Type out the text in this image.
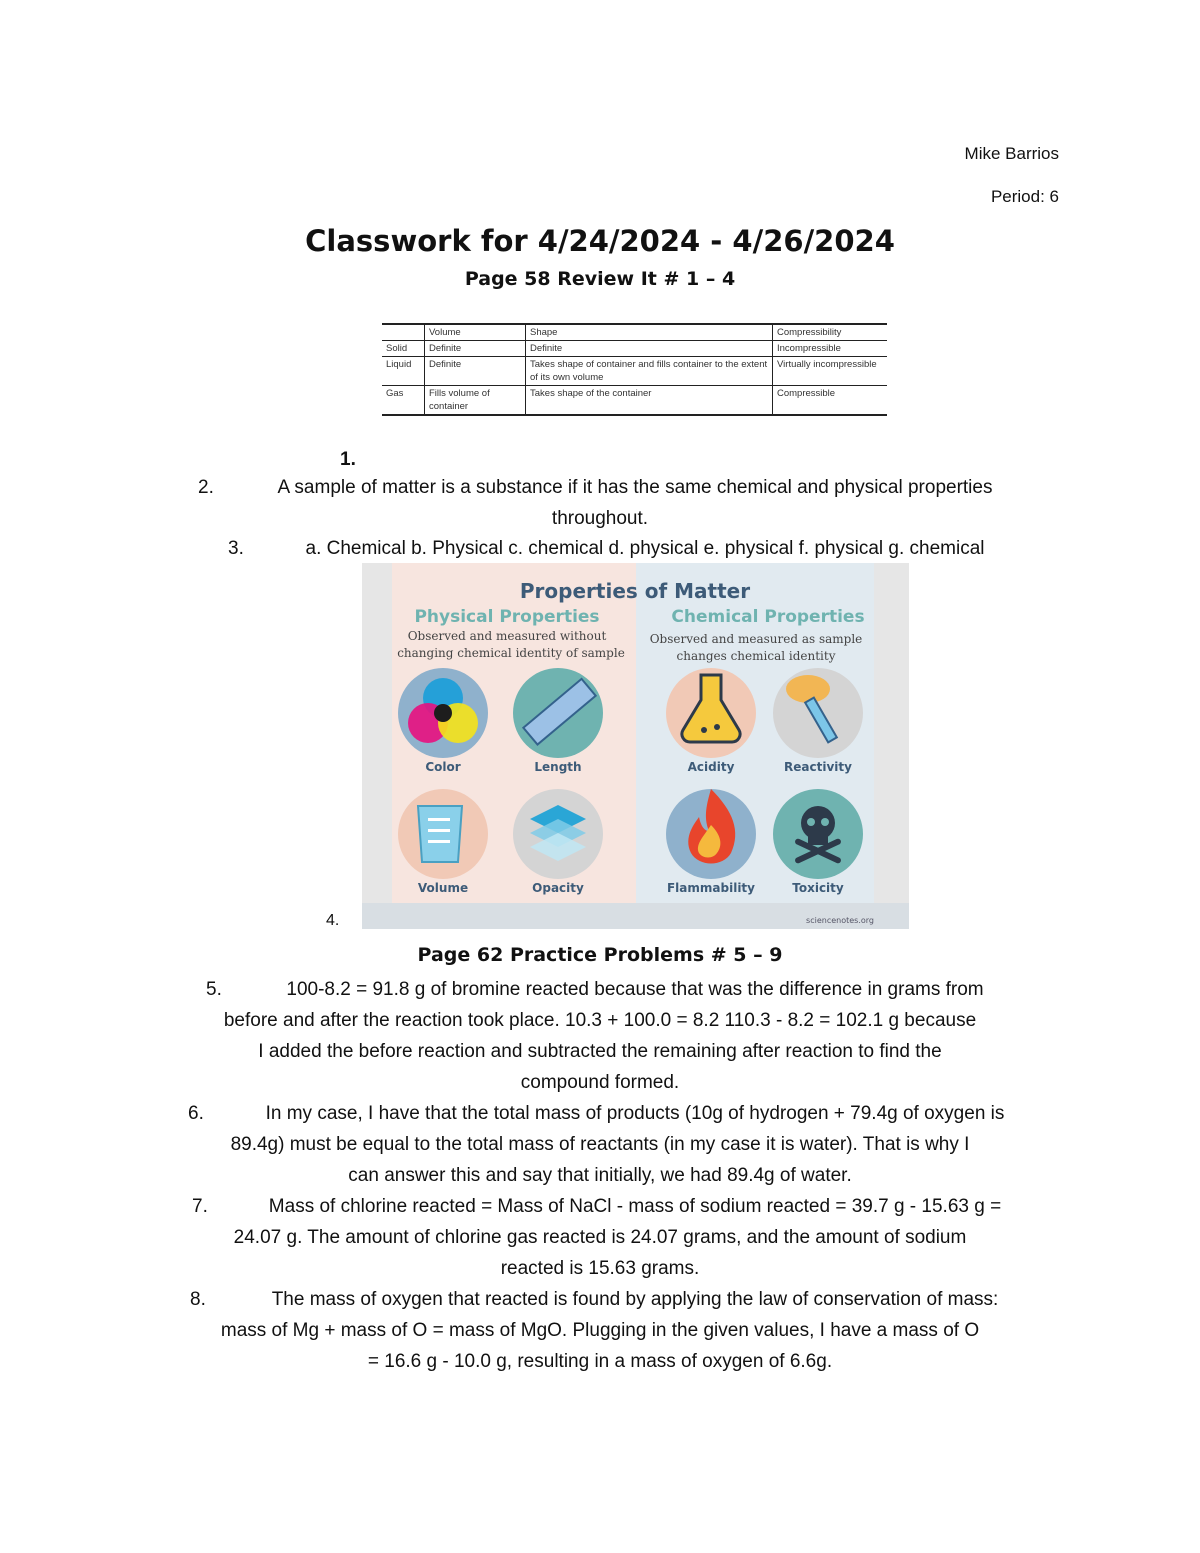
Mike Barrios
Period: 6
Classwork for 4/24/2024 - 4/26/2024
Page 58 Review It # 1 – 4
	Volume	Shape	Compressibility
Solid	Definite	Definite	Incompressible
Liquid	Definite	Takes shape of container and fills container to the extent of its own volume	Virtually incompressible
Gas	Fills volume of container	Takes shape of the container	Compressible
1.
2.	A sample of matter is a substance if it has the same chemical and physical properties
throughout.
3.	a. Chemical b. Physical c. chemical d. physical e. physical f. physical g. chemical
4.
Properties of Matter
Physical Properties
Observed and measured without
changing chemical identity of sample
Chemical Properties
Observed and measured as sample
changes chemical identity
Color	Length	Acidity	Reactivity
Volume	Opacity	Flammability	Toxicity
sciencenotes.org
Page 62 Practice Problems # 5 – 9
5.	100-8.2 = 91.8 g of bromine reacted because that was the difference in grams from
before and after the reaction took place. 10.3 + 100.0 = 8.2 110.3 - 8.2 = 102.1 g because
I added the before reaction and subtracted the remaining after reaction to find the
compound formed.
6.	In my case, I have that the total mass of products (10g of hydrogen + 79.4g of oxygen is
89.4g) must be equal to the total mass of reactants (in my case it is water). That is why I
can answer this and say that initially, we had 89.4g of water.
7.	Mass of chlorine reacted = Mass of NaCl - mass of sodium reacted = 39.7 g - 15.63 g =
24.07 g. The amount of chlorine gas reacted is 24.07 grams, and the amount of sodium
reacted is 15.63 grams.
8.	The mass of oxygen that reacted is found by applying the law of conservation of mass:
mass of Mg + mass of O = mass of MgO. Plugging in the given values, I have a mass of O
= 16.6 g - 10.0 g, resulting in a mass of oxygen of 6.6g.
